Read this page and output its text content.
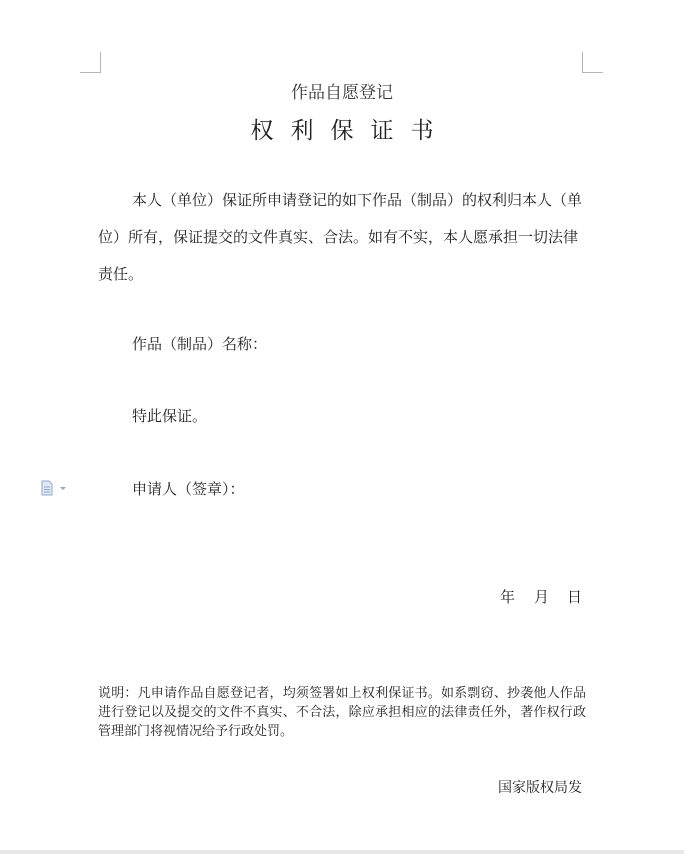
作品自愿登记
权利保证书

本人（单位）保证所申请登记的如下作品（制品）的权利归本人（单位）所有，保证提交的文件真实、合法。如有不实，本人愿承担一切法律责任。

作品（制品）名称：
特此保证。
申请人（签章）：
年	月	日

说明：凡申请作品自愿登记者，均须签署如上权利保证书。如系剽窃、抄袭他人作品进行登记以及提交的文件不真实、不合法，除应承担相应的法律责任外，著作权行政管理部门将视情况给予行政处罚。

国家版权局发
